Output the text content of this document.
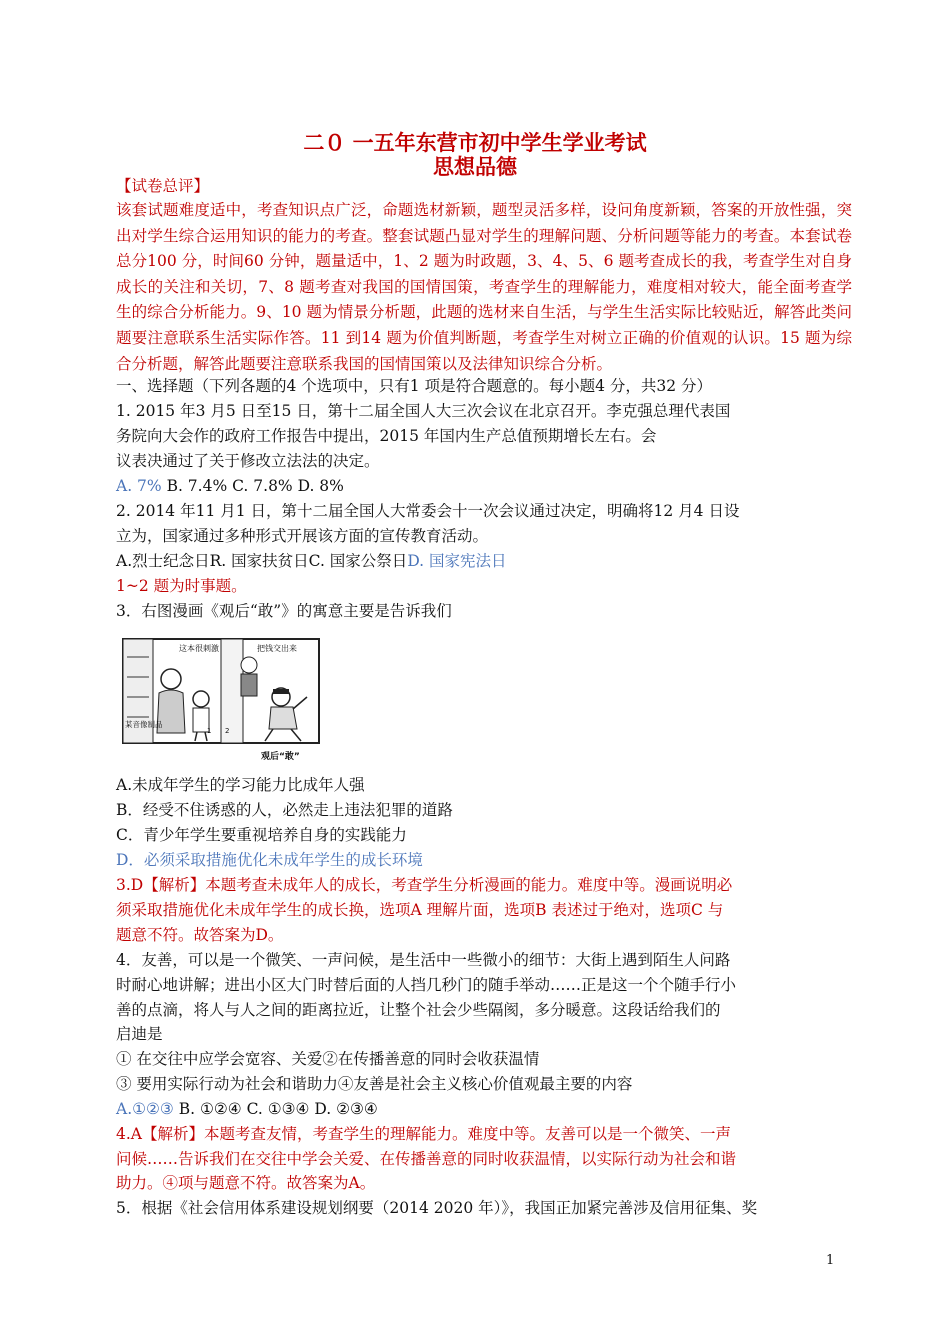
二０ 一五年东营市初中学生学业考试
思想品德
【试卷总评】
该套试题难度适中，考查知识点广泛，命题选材新颖，题型灵活多样，设问角度新颖，答案的开放性强，突出对学生综合运用知识的能力的考查。整套试题凸显对学生的理解问题、分析问题等能力的考查。本套试卷总分100 分，时间60 分钟，题量适中，1、2 题为时政题，3、4、5、6 题考查成长的我，考查学生对自身成长的关注和关切，7、8 题考查对我国的国情国策，考查学生的理解能力，难度相对较大，能全面考查学生的综合分析能力。9、10 题为情景分析题，此题的选材来自生活，与学生生活实际比较贴近，解答此类问题要注意联系生活实际作答。11 到14 题为价值判断题，考查学生对树立正确的价值观的认识。15 题为综合分析题，解答此题要注意联系我国的国情国策以及法律知识综合分析。
一、选择题（下列各题的4 个选项中，只有1 项是符合题意的。每小题4 分，共32 分）
1. 2015 年3 月5 日至15 日，第十二届全国人大三次会议在北京召开。李克强总理代表国
务院向大会作的政府工作报告中提出，2015 年国内生产总值预期增长左右。会
议表决通过了关于修改立法法的决定。
A. 7% B. 7.4% C. 7.8% D. 8%
2. 2014 年11 月1 日，第十二届全国人大常委会十一次会议通过决定，明确将12 月4 日设
立为，国家通过多种形式开展该方面的宣传教育活动。
A.烈士纪念日R. 国家扶贫日C. 国家公祭日D. 国家宪法日
1~2 题为时事题。
3．右图漫画《观后“敢”》的寓意主要是告诉我们
这本很刺激	把钱交出来
某音像制品
1 2
观后“敢”
A.未成年学生的学习能力比成年人强
B．经受不住诱惑的人，必然走上违法犯罪的道路
C．青少年学生要重视培养自身的实践能力
D．必须采取措施优化未成年学生的成长环境
3.D【解析】本题考查未成年人的成长，考查学生分析漫画的能力。难度中等。漫画说明必
须采取措施优化未成年学生的成长换，选项A 理解片面，选项B 表述过于绝对，选项C 与
题意不符。故答案为D。
4．友善，可以是一个微笑、一声问候，是生活中一些微小的细节：大街上遇到陌生人问路
时耐心地讲解；进出小区大门时替后面的人挡几秒门的随手举动……正是这一个个随手行小
善的点滴，将人与人之间的距离拉近，让整个社会少些隔阂，多分暖意。这段话给我们的
启迪是
① 在交往中应学会宽容、关爱②在传播善意的同时会收获温情
③ 要用实际行动为社会和谐助力④友善是社会主义核心价值观最主要的内容
A.①②③ B. ①②④ C. ①③④ D. ②③④
4.A【解析】本题考查友情，考查学生的理解能力。难度中等。友善可以是一个微笑、一声
问候……告诉我们在交往中学会关爱、在传播善意的同时收获温情，以实际行动为社会和谐
助力。④项与题意不符。故答案为A。
5．根据《社会信用体系建设规划纲要（2014 2020 年）》，我国正加紧完善涉及信用征集、奖
1
